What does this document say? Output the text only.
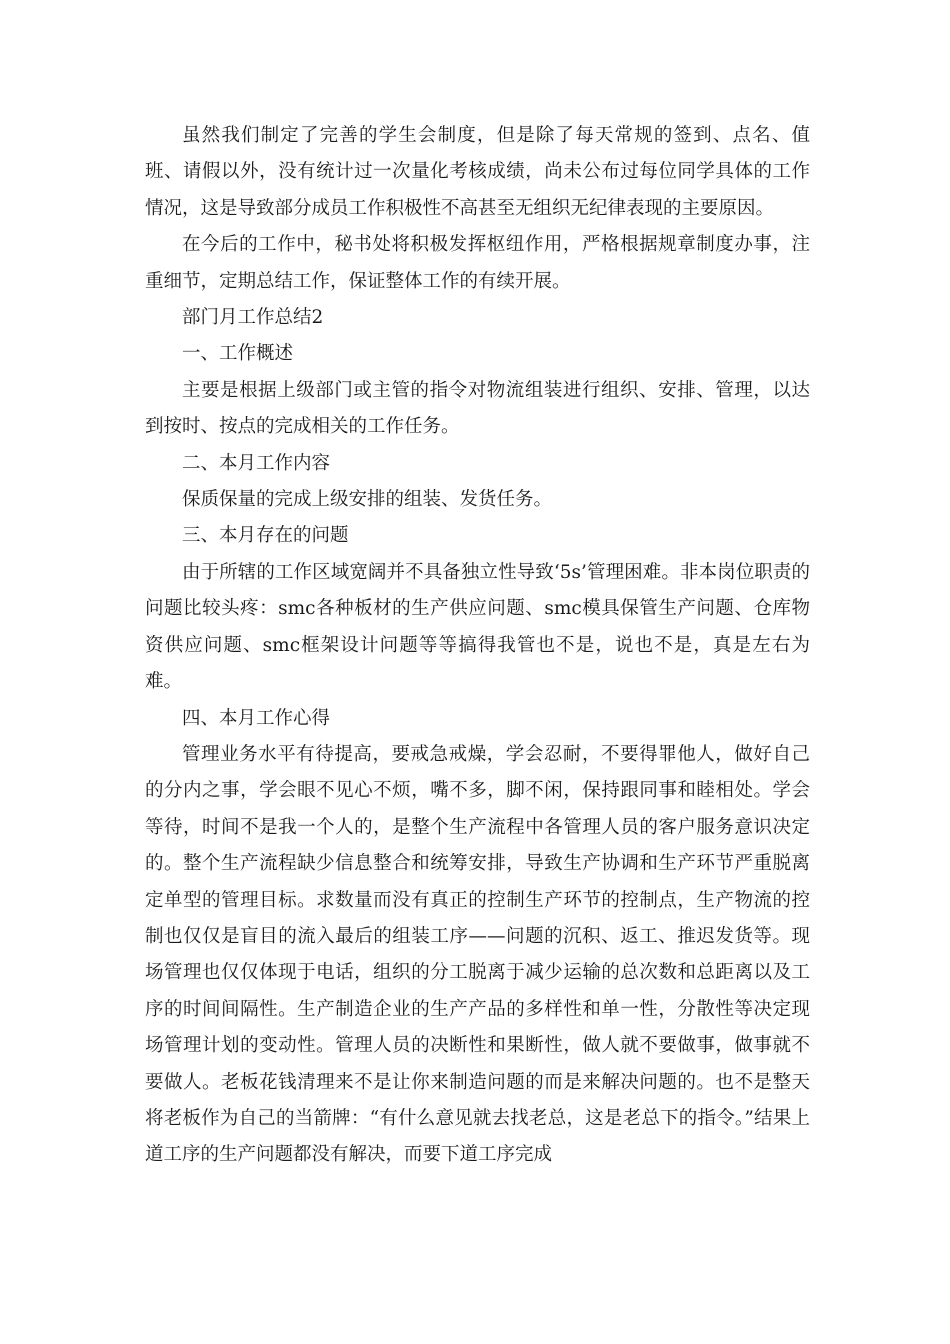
虽然我们制定了完善的学生会制度，但是除了每天常规的签到、点名、值班、请假以外，没有统计过一次量化考核成绩，尚未公布过每位同学具体的工作情况，这是导致部分成员工作积极性不高甚至无组织无纪律表现的主要原因。

在今后的工作中，秘书处将积极发挥枢纽作用，严格根据规章制度办事，注重细节，定期总结工作，保证整体工作的有续开展。

部门月工作总结2

一、工作概述

主要是根据上级部门或主管的指令对物流组装进行组织、安排、管理，以达到按时、按点的完成相关的工作任务。

二、本月工作内容

保质保量的完成上级安排的组装、发货任务。

三、本月存在的问题

由于所辖的工作区域宽阔并不具备独立性导致‘5s’管理困难。非本岗位职责的问题比较头疼：smc各种板材的生产供应问题、smc模具保管生产问题、仓库物资供应问题、smc框架设计问题等等搞得我管也不是，说也不是，真是左右为难。

四、本月工作心得

管理业务水平有待提高，要戒急戒燥，学会忍耐，不要得罪他人，做好自己的分内之事，学会眼不见心不烦，嘴不多，脚不闲，保持跟同事和睦相处。学会等待，时间不是我一个人的，是整个生产流程中各管理人员的客户服务意识决定的。整个生产流程缺少信息整合和统筹安排，导致生产协调和生产环节严重脱离定单型的管理目标。求数量而没有真正的控制生产环节的控制点，生产物流的控制也仅仅是盲目的流入最后的组装工序——问题的沉积、返工、推迟发货等。现场管理也仅仅体现于电话，组织的分工脱离于减少运输的总次数和总距离以及工序的时间间隔性。生产制造企业的生产产品的多样性和单一性，分散性等决定现场管理计划的变动性。管理人员的决断性和果断性，做人就不要做事，做事就不要做人。老板花钱清理来不是让你来制造问题的而是来解决问题的。也不是整天将老板作为自己的当箭牌：“有什么意见就去找老总，这是老总下的指令。”结果上道工序的生产问题都没有解决，而要下道工序完成
